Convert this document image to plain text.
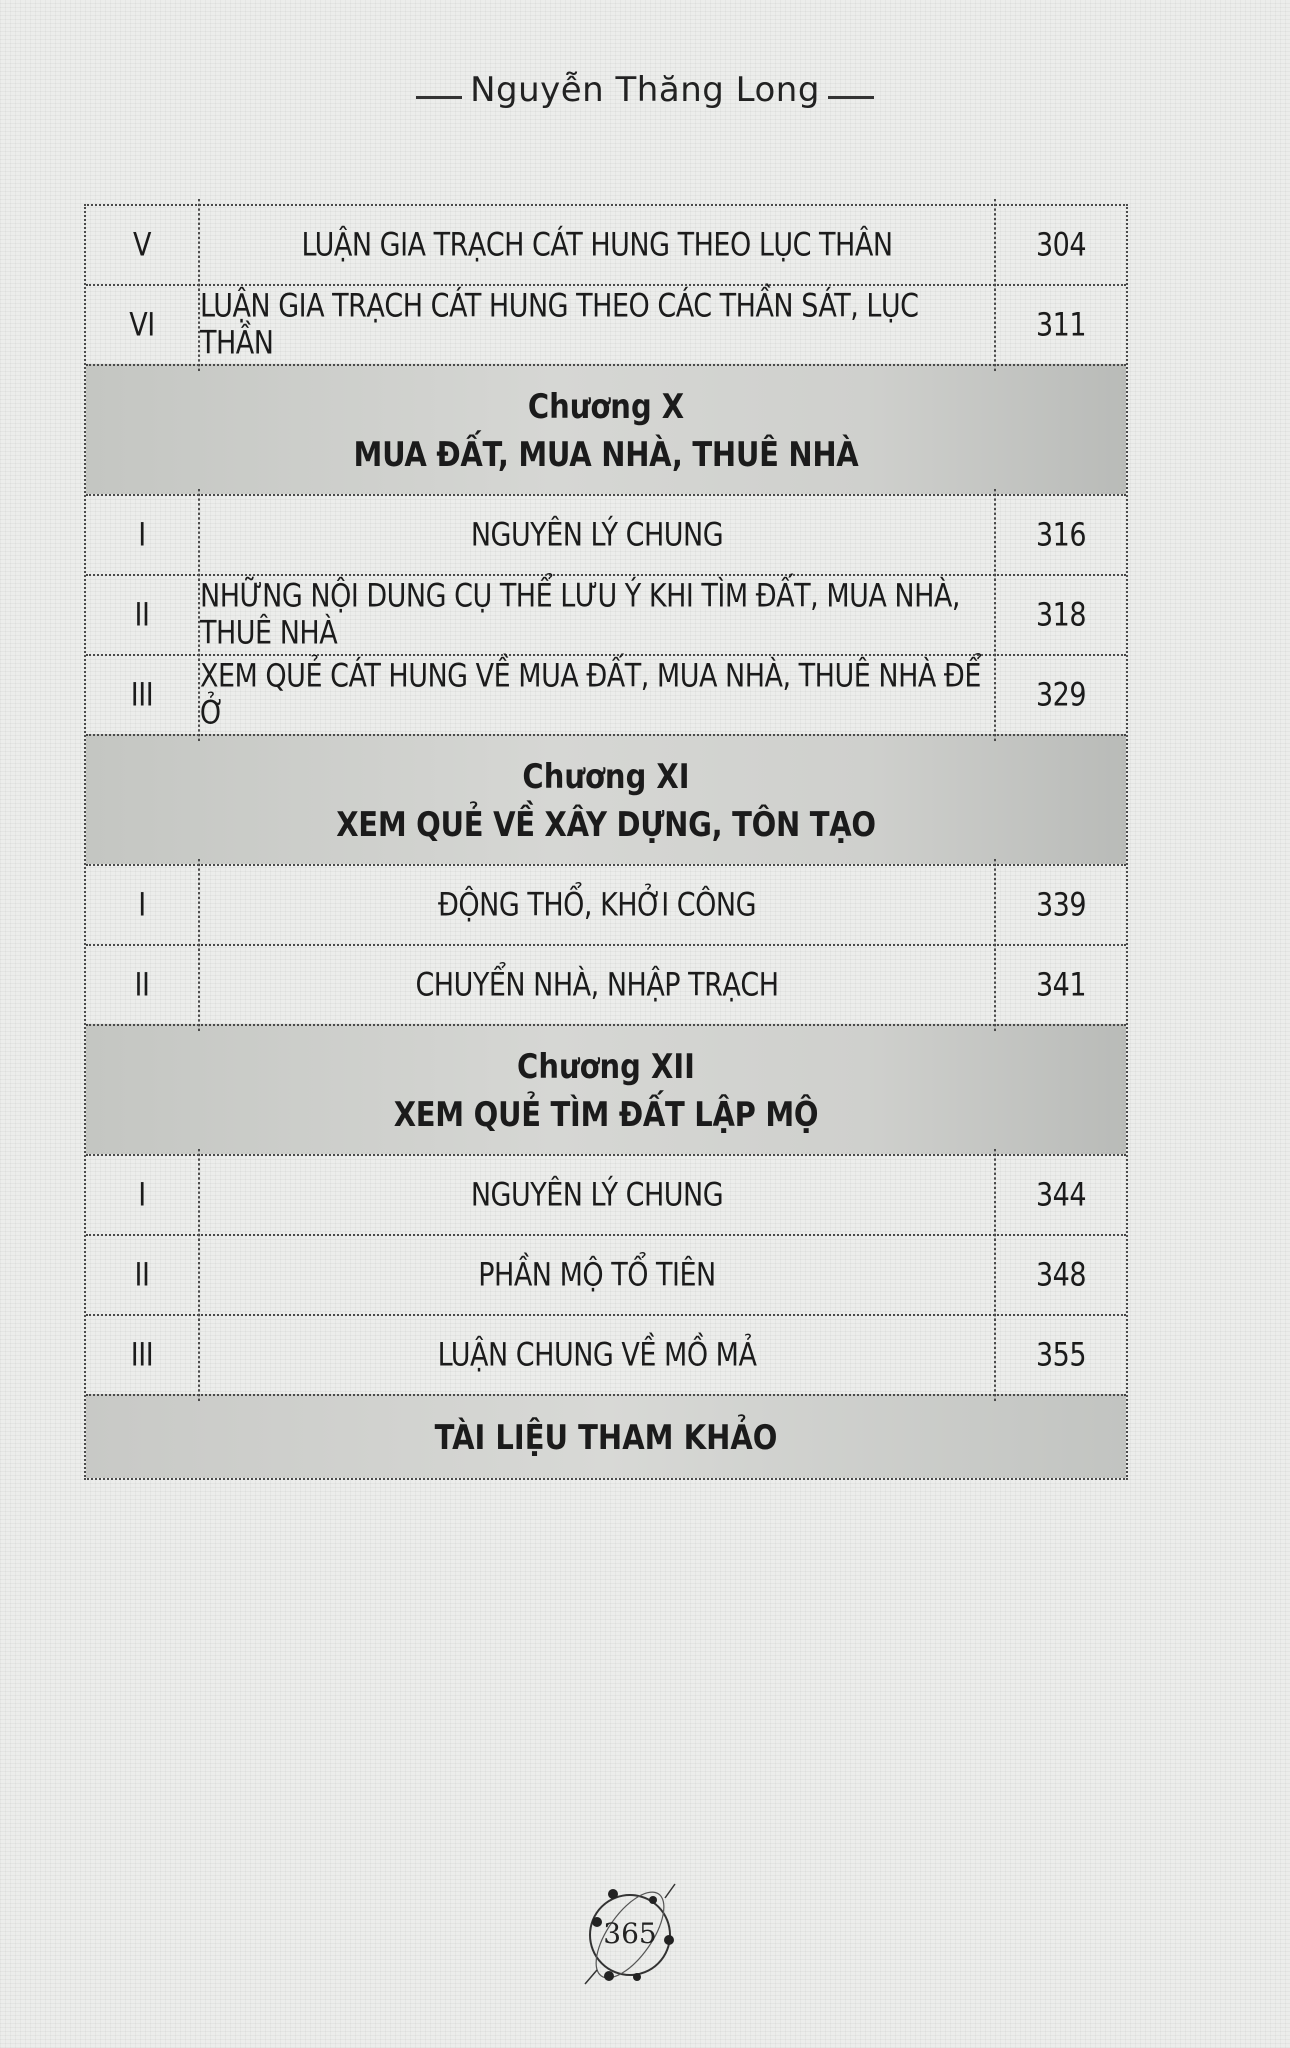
Nguyễn Thăng Long
V	LUẬN GIA TRẠCH CÁT HUNG THEO LỤC THÂN	304
VI	LUẬN GIA TRẠCH CÁT HUNG THEO CÁC THẦN SÁT, LỤC THẦN	311
Chương X
MUA ĐẤT, MUA NHÀ, THUÊ NHÀ
I	NGUYÊN LÝ CHUNG	316
II	NHỮNG NỘI DUNG CỤ THỂ LƯU Ý KHI TÌM ĐẤT, MUA NHÀ, THUÊ NHÀ	318
III	XEM QUẺ CÁT HUNG VỀ MUA ĐẤT, MUA NHÀ, THUÊ NHÀ ĐỂ Ở	329
Chương XI
XEM QUẺ VỀ XÂY DỰNG, TÔN TẠO
I	ĐỘNG THỔ, KHỞI CÔNG	339
II	CHUYỂN NHÀ, NHẬP TRẠCH	341
Chương XII
XEM QUẺ TÌM ĐẤT LẬP MỘ
I	NGUYÊN LÝ CHUNG	344
II	PHẦN MỘ TỔ TIÊN	348
III	LUẬN CHUNG VỀ MỒ MẢ	355
TÀI LIỆU THAM KHẢO
365
